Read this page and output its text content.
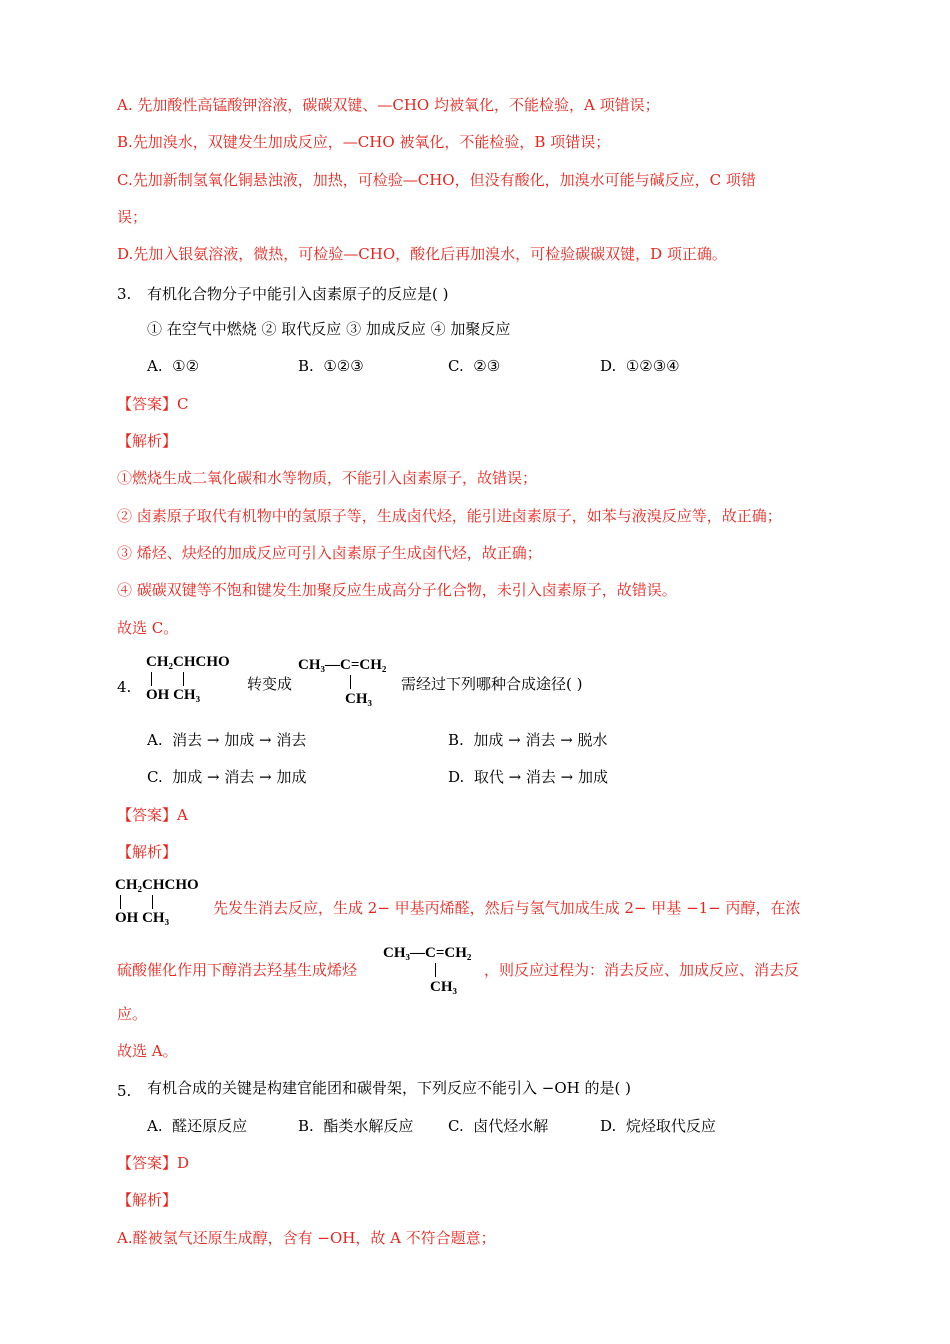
A. 先加酸性高锰酸钾溶液，碳碳双键、—CHO 均被氧化，不能检验，A 项错误；
B.先加溴水，双键发生加成反应，—CHO 被氧化，不能检验，B 项错误；
C.先加新制氢氧化铜悬浊液，加热，可检验—CHO，但没有酸化，加溴水可能与碱反应，C 项错
误；
D.先加入银氨溶液，微热，可检验—CHO，酸化后再加溴水，可检验碳碳双键，D 项正确。
3. 有机化合物分子中能引入卤素原子的反应是( )
① 在空气中燃烧 ② 取代反应 ③ 加成反应 ④ 加聚反应
A. ①②	B. ①②③	C. ②③	D. ①②③④
【答案】C
【解析】
①燃烧生成二氧化碳和水等物质，不能引入卤素原子，故错误；
② 卤素原子取代有机物中的氢原子等，生成卤代烃，能引进卤素原子，如苯与液溴反应等，故正确；
③ 烯烃、炔烃的加成反应可引入卤素原子生成卤代烃，故正确；
④ 碳碳双键等不饱和键发生加聚反应生成高分子化合物，未引入卤素原子，故错误。
故选 C。
4.
CH₂CHCHO
OH CH₃
转变成
CH₃—C=CH₂
CH₃
需经过下列哪种合成途径( )
A. 消去 → 加成 → 消去	B. 加成 → 消去 → 脱水
C. 加成 → 消去 → 加成	D. 取代 → 消去 → 加成
【答案】A
【解析】
CH₂CHCHO
OH CH₃
先发生消去反应，生成 2− 甲基丙烯醛，然后与氢气加成生成 2− 甲基 −1− 丙醇，在浓
硫酸催化作用下醇消去羟基生成烯烃
CH₃—C=CH₂
CH₃
，则反应过程为：消去反应、加成反应、消去反
应。
故选 A。
5. 有机合成的关键是构建官能团和碳骨架，下列反应不能引入 −OH 的是( )
A. 醛还原反应	B. 酯类水解反应 C. 卤代烃水解	D. 烷烃取代反应
【答案】D
【解析】
A.醛被氢气还原生成醇，含有 −OH，故 A 不符合题意；
